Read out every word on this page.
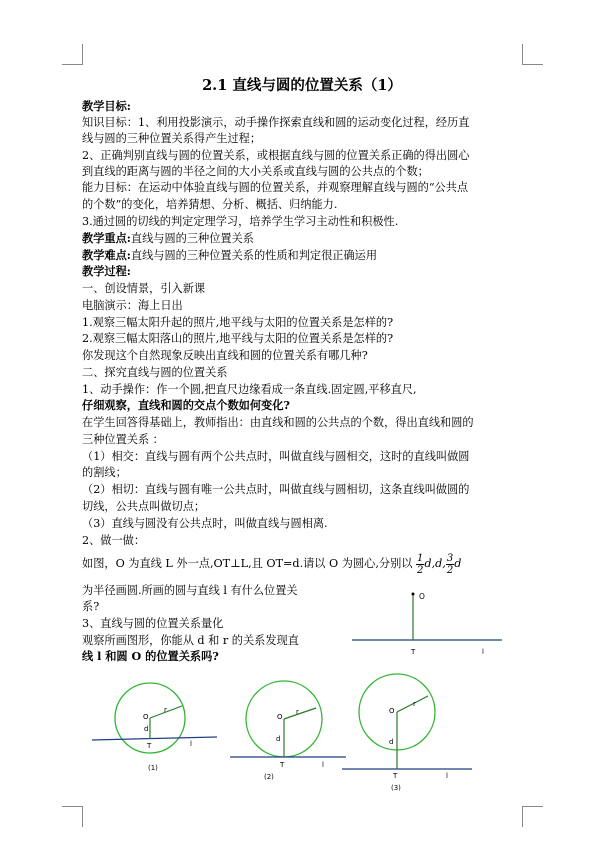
2.1 直线与圆的位置关系（1）
教学目标:
知识目标：1、利用投影演示，动手操作探索直线和圆的运动变化过程，经历直
线与圆的三种位置关系得产生过程；
2、正确判别直线与圆的位置关系，或根据直线与圆的位置关系正确的得出圆心
到直线的距离与圆的半径之间的大小关系或直线与圆的公共点的个数；
能力目标：在运动中体验直线与圆的位置关系，并观察理解直线与圆的“公共点
的个数”的变化，培养猜想、分析、概括、归纳能力.
3.通过圆的切线的判定定理学习，培养学生学习主动性和积极性.
教学重点:直线与圆的三种位置关系
教学难点:直线与圆的三种位置关系的性质和判定很正确运用
教学过程:
一、创设情景，引入新课
电脑演示：海上日出
1.观察三幅太阳升起的照片,地平线与太阳的位置关系是怎样的?
2.观察三幅太阳落山的照片,地平线与太阳的位置关系是怎样的?
你发现这个自然现象反映出直线和圆的位置关系有哪几种?
二、探究直线与圆的位置关系
1、动手操作：作一个圆,把直尺边缘看成一条直线.固定圆,平移直尺,
仔细观察，直线和圆的交点个数如何变化?
在学生回答得基础上，教师指出：由直线和圆的公共点的个数，得出直线和圆的
三种位置关系 ：
（1）相交：直线与圆有两个公共点时，叫做直线与圆相交，这时的直线叫做圆
的割线；
（2）相切：直线与圆有唯一公共点时，叫做直线与圆相切，这条直线叫做圆的
切线，公共点叫做切点；
（3）直线与圆没有公共点时，叫做直线与圆相离.
2、做一做：
如图，O 为直线 L 外一点,OT⊥L,且 OT=d.请以 O 为圆心,分别以 $\frac{1}{2} d,d$, $\frac{3}{2}$ d
为半径画圆.所画的圆与直线 l 有什么位置关
系?
3、直线与圆的位置关系量化
观察所画图形，你能从 d 和 r 的关系发现直
线 l 和圆 O 的位置关系吗?
O
T	l
O
r
d
T	l
(1)
O
r
d
T	l
(2)
O
r
d
T	l
(3)
